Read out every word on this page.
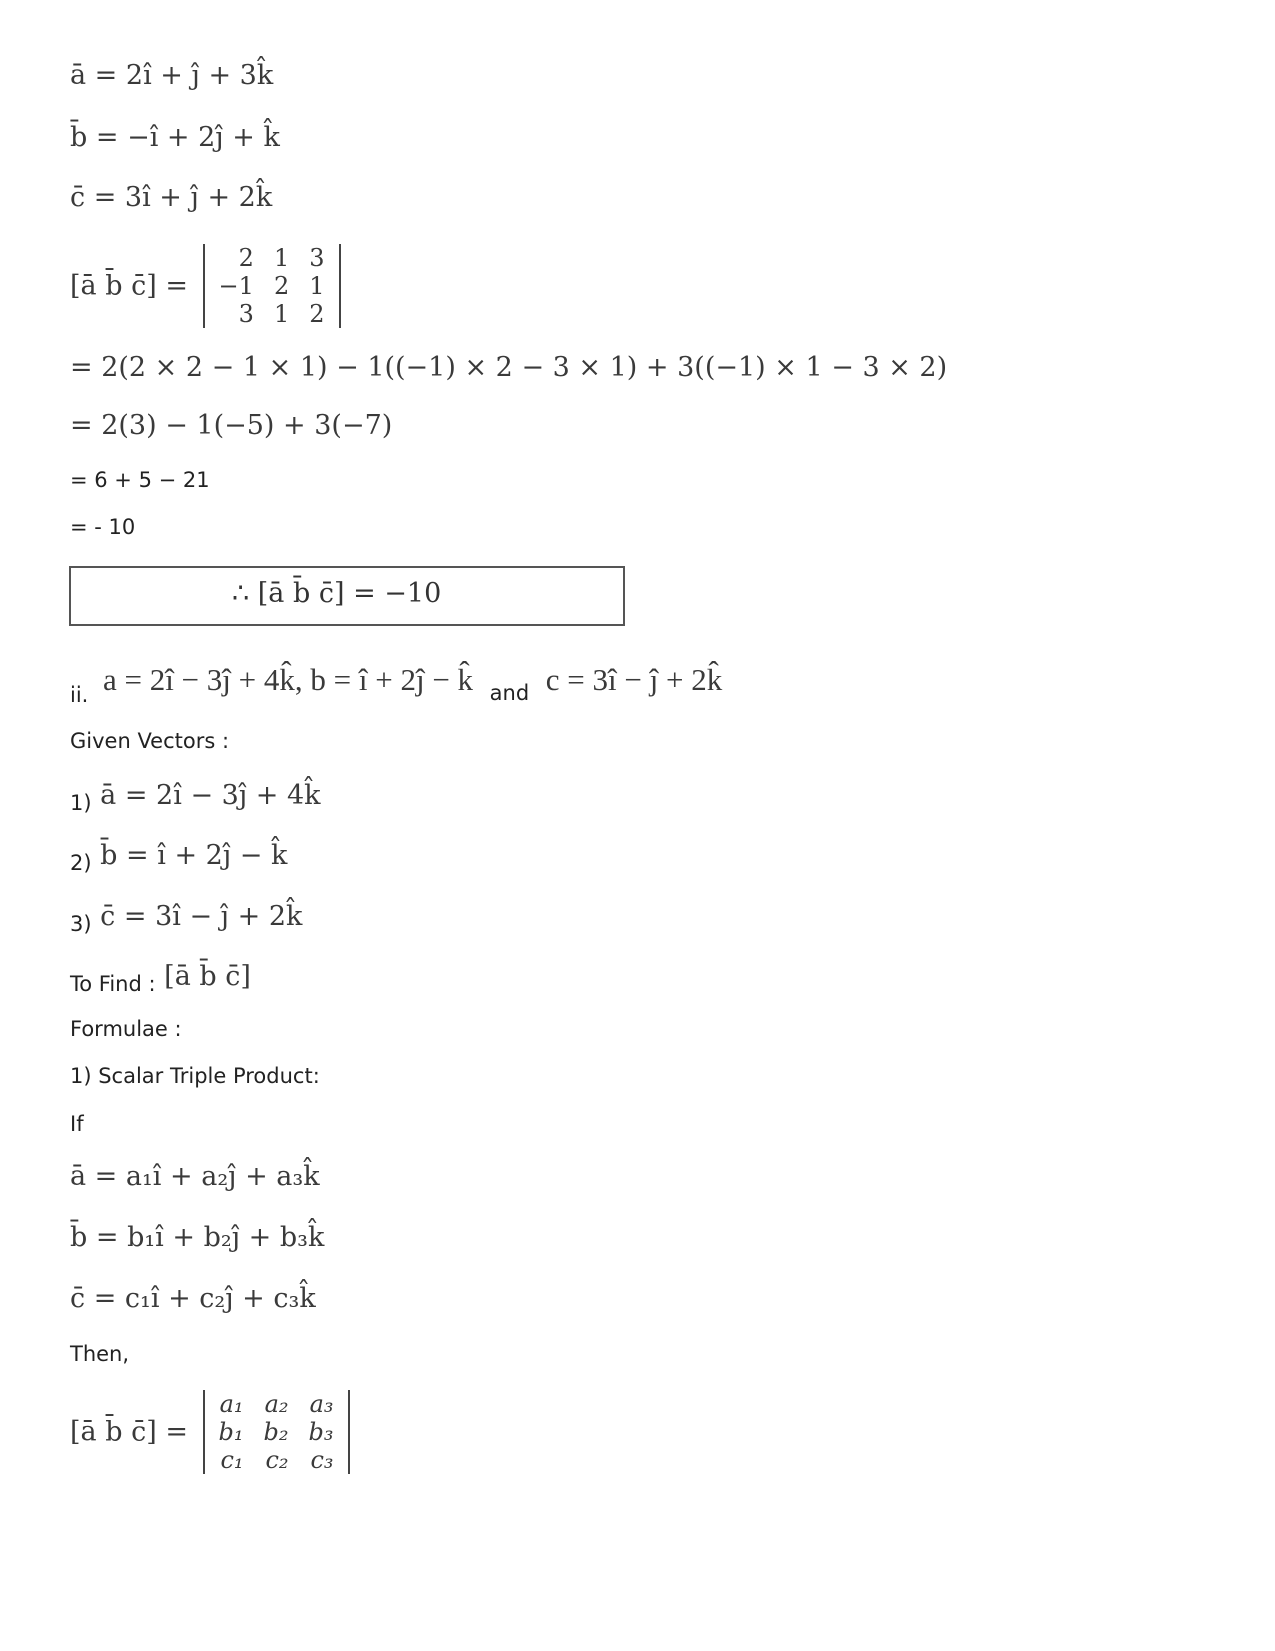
ā = 2î + ĵ + 3k̂
b̄ = −î + 2ĵ + k̂
c̄ = 3î + ĵ + 2k̂
[ā b̄ c̄] =
2	1	3
−1	2	1
3	1	2
= 2(2 × 2 − 1 × 1) − 1((−1) × 2 − 3 × 1) + 3((−1) × 1 − 3 × 2)
= 2(3) − 1(−5) + 3(−7)
= 6 + 5 − 21
= - 10
∴ [ā b̄ c̄] = −10
$_{ii.}$ a = 2î − 3ĵ + 4k̂, b = î + 2ĵ − k̂ $_{and}$ c = 3î − ĵ + 2k̂
Given Vectors :
$_{1)}$ ā = 2î − 3ĵ + 4k̂
$_{2)}$ b̄ = î + 2ĵ − k̂
$_{3)}$ c̄ = 3î − ĵ + 2k̂
$_{To Find :}$ [ā b̄ c̄]
Formulae :
1) Scalar Triple Product:
If
ā = a₁î + a₂ĵ + a₃k̂
b̄ = b₁î + b₂ĵ + b₃k̂
c̄ = c₁î + c₂ĵ + c₃k̂
Then,
[ā b̄ c̄] =
a₁	a₂	a₃
b₁	b₂	b₃
c₁	c₂	c₃
